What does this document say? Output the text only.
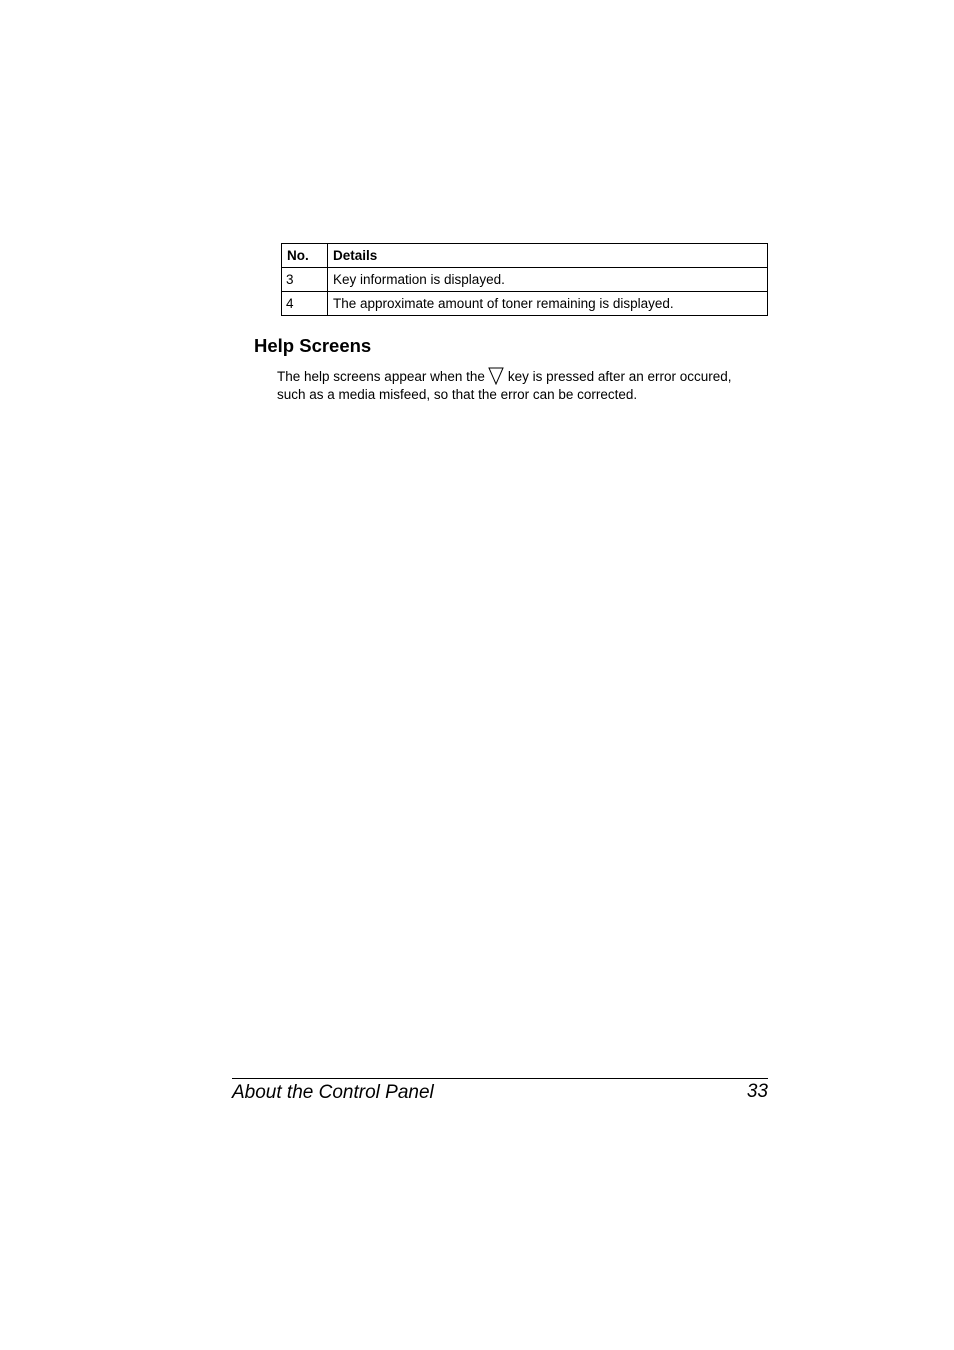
No.	Details
3	Key information is displayed.
4	The approximate amount of toner remaining is displayed.
Help Screens

The help screens appear when the key is pressed after an error occured,
such as a media misfeed, so that the error can be corrected.

About the Control Panel	33
